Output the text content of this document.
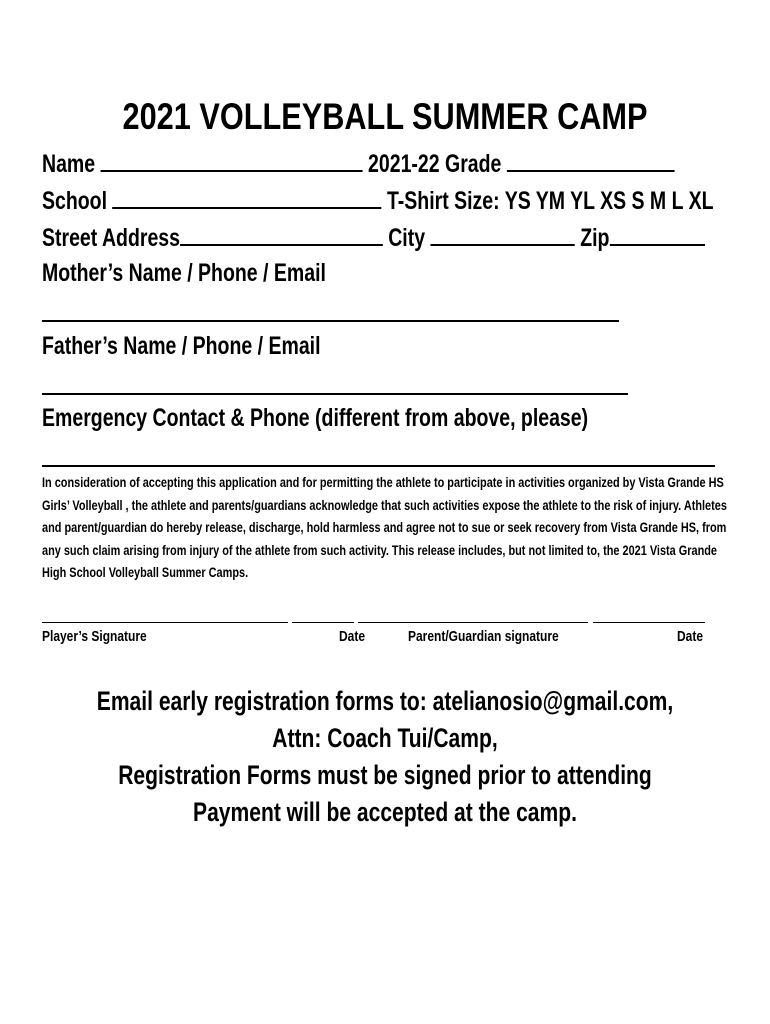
2021 VOLLEYBALL SUMMER CAMP
Name	2021-22 Grade
School	T-Shirt Size: YS YM YL XS S M L XL
Street Address	City	Zip
Mother’s Name / Phone / Email
Father’s Name / Phone / Email
Emergency Contact & Phone (different from above, please)
In consideration of accepting this application and for permitting the athlete to participate in activities organized by Vista Grande HS Girls’ Volleyball , the athlete and parents/guardians acknowledge that such activities expose the athlete to the risk of injury. Athletes and parent/guardian do hereby release, discharge, hold harmless and agree not to sue or seek recovery from Vista Grande HS, from any such claim arising from injury of the athlete from such activity. This release includes, but not limited to, the 2021 Vista Grande High School Volleyball Summer Camps.
Player’s Signature	Date	Parent/Guardian signature	Date
Email early registration forms to: atelianosio@gmail.com,
Attn: Coach Tui/Camp,
Registration Forms must be signed prior to attending
Payment will be accepted at the camp.
